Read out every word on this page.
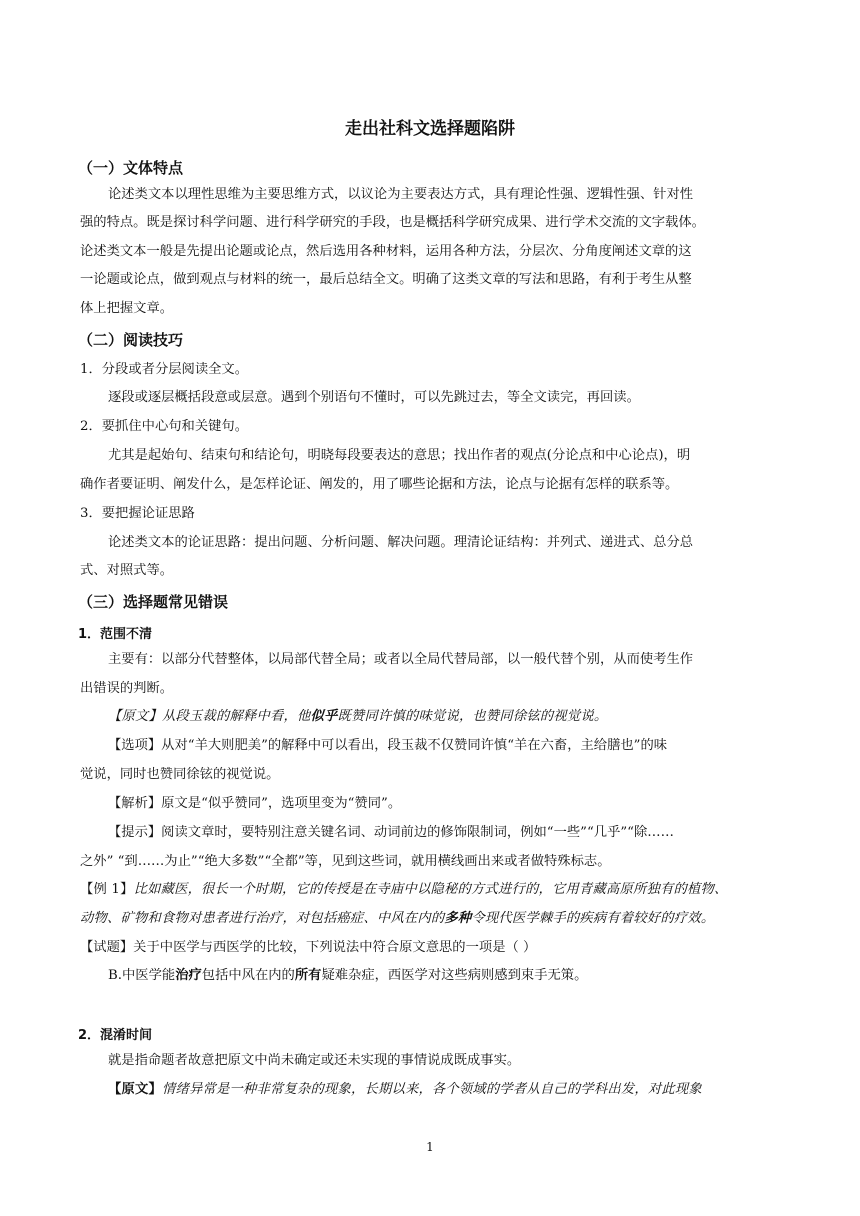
走出社科文选择题陷阱
（一）文体特点
论述类文本以理性思维为主要思维方式，以议论为主要表达方式，具有理论性强、逻辑性强、针对性
强的特点。既是探讨科学问题、进行科学研究的手段，也是概括科学研究成果、进行学术交流的文字载体。
论述类文本一般是先提出论题或论点，然后选用各种材料，运用各种方法，分层次、分角度阐述文章的这
一论题或论点，做到观点与材料的统一，最后总结全文。明确了这类文章的写法和思路，有利于考生从整
体上把握文章。
（二）阅读技巧
1．分段或者分层阅读全文。
逐段或逐层概括段意或层意。遇到个别语句不懂时，可以先跳过去，等全文读完，再回读。
2．要抓住中心句和关键句。
尤其是起始句、结束句和结论句，明晓每段要表达的意思；找出作者的观点(分论点和中心论点)，明
确作者要证明、阐发什么，是怎样论证、阐发的，用了哪些论据和方法，论点与论据有怎样的联系等。
3．要把握论证思路
论述类文本的论证思路：提出问题、分析问题、解决问题。理清论证结构：并列式、递进式、总分总
式、对照式等。
（三）选择题常见错误
1．范围不清
主要有：以部分代替整体，以局部代替全局；或者以全局代替局部，以一般代替个别，从而使考生作
出错误的判断。
【原文】从段玉裁的解释中看，他似乎既赞同许慎的味觉说，也赞同徐铉的视觉说。
【选项】从对“羊大则肥美”的解释中可以看出，段玉裁不仅赞同许慎“羊在六畜，主给膳也”的味
觉说，同时也赞同徐铉的视觉说。
【解析】原文是“似乎赞同”，选项里变为“赞同”。
【提示】阅读文章时，要特别注意关键名词、动词前边的修饰限制词，例如“一些”“几乎”“除……
之外” “到……为止”“绝大多数”“全都”等，见到这些词，就用横线画出来或者做特殊标志。
【例 1】比如藏医，很长一个时期，它的传授是在寺庙中以隐秘的方式进行的，它用青藏高原所独有的植物、
动物、矿物和食物对患者进行治疗，对包括癌症、中风在内的多种令现代医学棘手的疾病有着较好的疗效。
【试题】关于中医学与西医学的比较，下列说法中符合原文意思的一项是（ ）
B.中医学能治疗包括中风在内的所有疑难杂症，西医学对这些病则感到束手无策。
2．混淆时间
就是指命题者故意把原文中尚未确定或还未实现的事情说成既成事实。
【原文】情绪异常是一种非常复杂的现象，长期以来，各个领域的学者从自己的学科出发，对此现象
1
